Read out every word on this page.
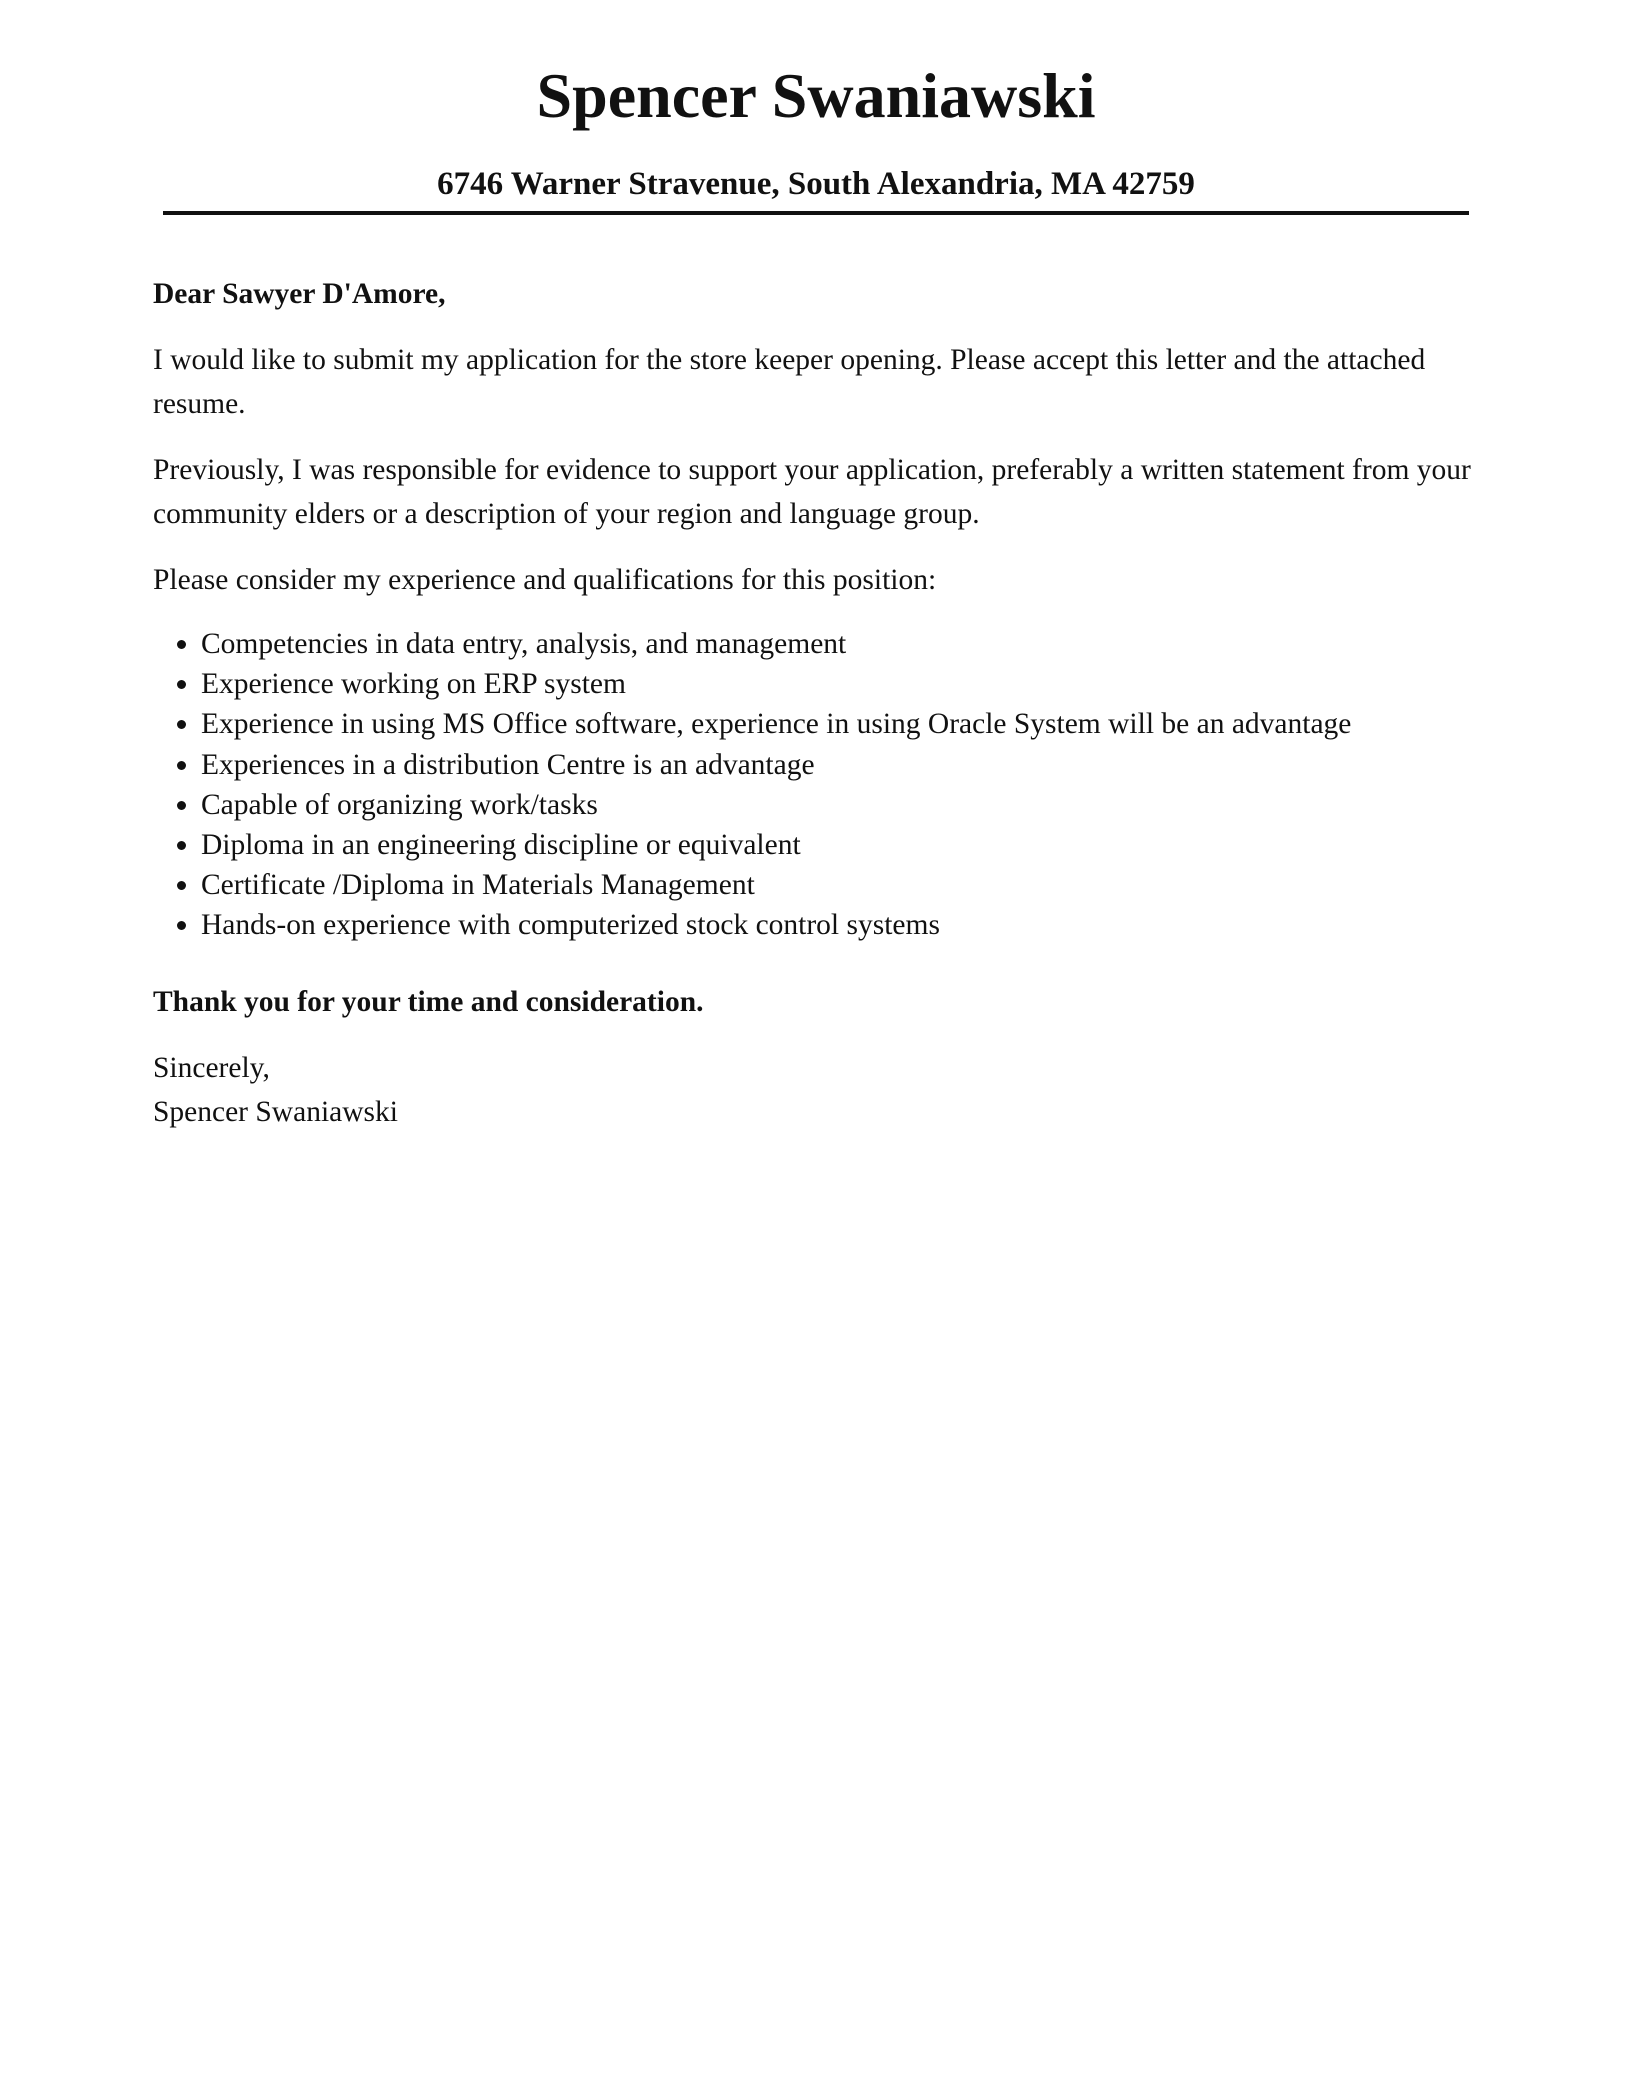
Spencer Swaniawski

6746 Warner Stravenue, South Alexandria, MA 42759

Dear Sawyer D'Amore,

I would like to submit my application for the store keeper opening. Please accept this letter and the attached resume.

Previously, I was responsible for evidence to support your application, preferably a written statement from your community elders or a description of your region and language group.

Please consider my experience and qualifications for this position:

Competencies in data entry, analysis, and management
Experience working on ERP system
Experience in using MS Office software, experience in using Oracle System will be an advantage
Experiences in a distribution Centre is an advantage
Capable of organizing work/tasks
Diploma in an engineering discipline or equivalent
Certificate /Diploma in Materials Management
Hands-on experience with computerized stock control systems

Thank you for your time and consideration.

Sincerely,

Spencer Swaniawski
